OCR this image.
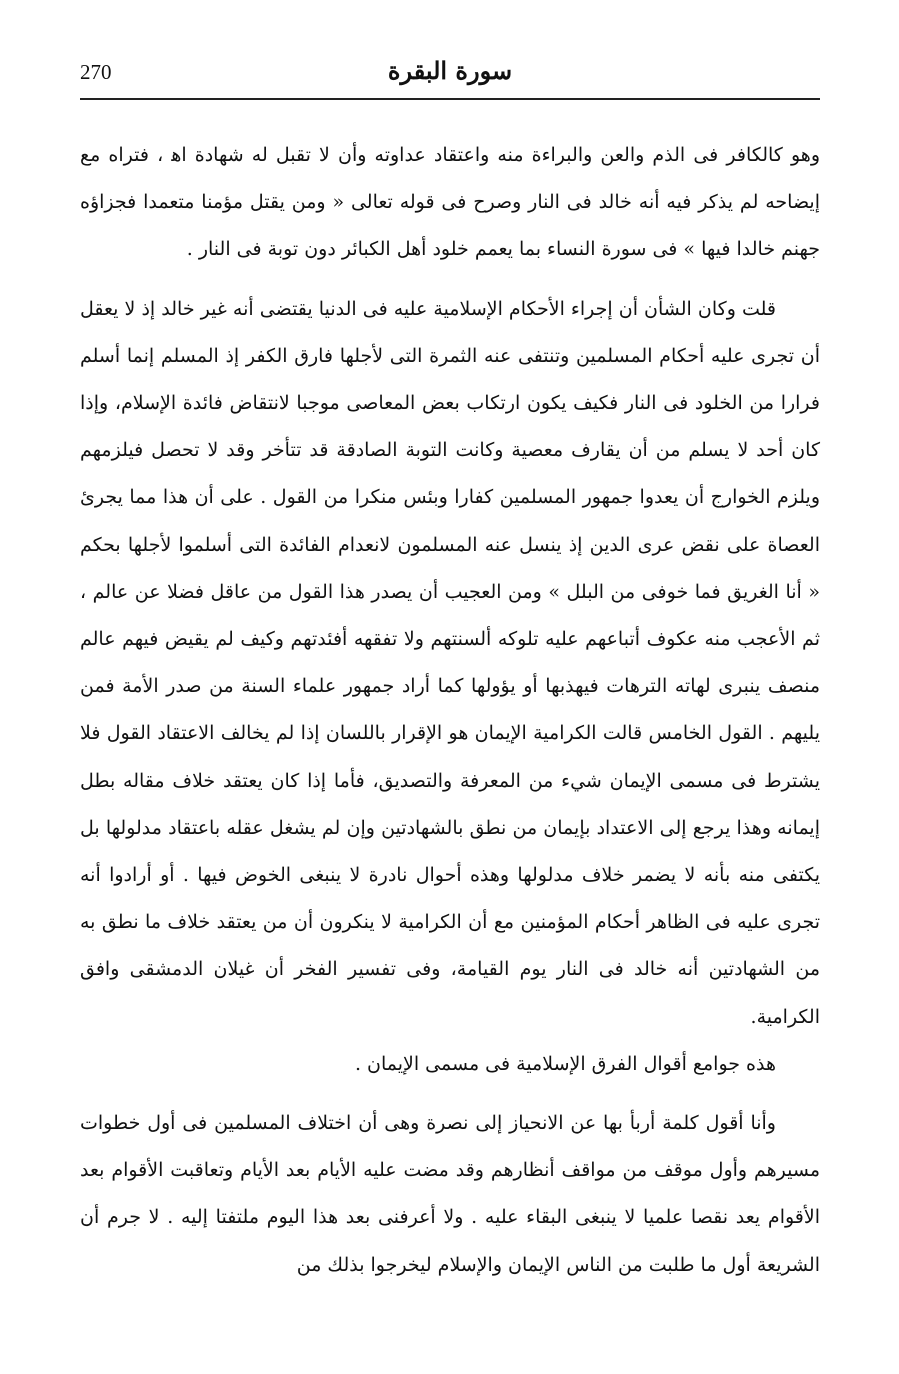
270	سورة البقرة

وهو كالكافر فى الذم والعن والبراءة منه واعتقاد عداوته وأن لا تقبل له شهادة اﻫ ، فتراه مع إيضاحه لم يذكر فيه أنه خالد فى النار وصرح فى قوله تعالى « ومن يقتل مؤمنا متعمدا فجزاؤه جهنم خالدا فيها » فى سورة النساء بما يعمم خلود أهل الكبائر دون توبة فى النار .

قلت وكان الشأن أن إجراء الأحكام الإسلامية عليه فى الدنيا يقتضى أنه غير خالد إذ لا يعقل أن تجرى عليه أحكام المسلمين وتنتفى عنه الثمرة التى لأجلها فارق الكفر إذ المسلم إنما أسلم فرارا من الخلود فى النار فكيف يكون ارتكاب بعض المعاصى موجبا لانتقاض فائدة الإسلام، وإذا كان أحد لا يسلم من أن يقارف معصية وكانت التوبة الصادقة قد تتأخر وقد لا تحصل فيلزمهم ويلزم الخوارج أن يعدوا جمهور المسلمين كفارا وبئس منكرا من القول . على أن هذا مما يجرئ العصاة على نقض عرى الدين إذ ينسل عنه المسلمون لانعدام الفائدة التى أسلموا لأجلها بحكم « أنا الغريق فما خوفى من البلل » ومن العجيب أن يصدر هذا القول من عاقل فضلا عن عالم ، ثم الأعجب منه عكوف أتباعهم عليه تلوكه ألسنتهم ولا تفقهه أفئدتهم وكيف لم يقيض فيهم عالم منصف ينبرى لهاته الترهات فيهذبها أو يؤولها كما أراد جمهور علماء السنة من صدر الأمة فمن يليهم . القول الخامس قالت الكرامية الإيمان هو الإقرار باللسان إذا لم يخالف الاعتقاد القول فلا يشترط فى مسمى الإيمان شيء من المعرفة والتصديق، فأما إذا كان يعتقد خلاف مقاله بطل إيمانه وهذا يرجع إلى الاعتداد بإيمان من نطق بالشهادتين وإن لم يشغل عقله باعتقاد مدلولها بل يكتفى منه بأنه لا يضمر خلاف مدلولها وهذه أحوال نادرة لا ينبغى الخوض فيها . أو أرادوا أنه تجرى عليه فى الظاهر أحكام المؤمنين مع أن الكرامية لا ينكرون أن من يعتقد خلاف ما نطق به من الشهادتين أنه خالد فى النار يوم القيامة، وفى تفسير الفخر أن غيلان الدمشقى وافق الكرامية.

هذه جوامع أقوال الفرق الإسلامية فى مسمى الإيمان .

وأنا أقول كلمة أربأ بها عن الانحياز إلى نصرة وهى أن اختلاف المسلمين فى أول خطوات مسيرهم وأول موقف من مواقف أنظارهم وقد مضت عليه الأيام بعد الأيام وتعاقبت الأقوام بعد الأقوام يعد نقصا علميا لا ينبغى البقاء عليه . ولا أعرفنى بعد هذا اليوم ملتفتا إليه . لا جرم أن الشريعة أول ما طلبت من الناس الإيمان والإسلام ليخرجوا بذلك من
